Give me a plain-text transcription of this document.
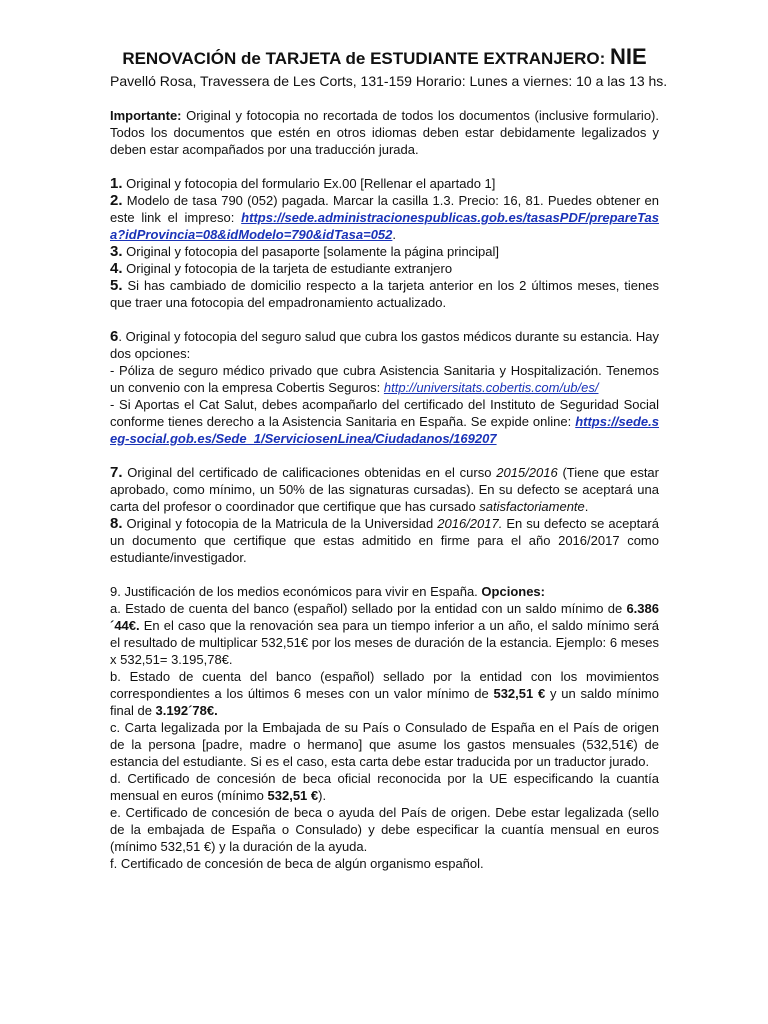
RENOVACIÓN de TARJETA de ESTUDIANTE EXTRANJERO: NIE
Pavelló Rosa, Travessera de Les Corts, 131-159 Horario: Lunes a viernes: 10 a las 13 hs.

Importante: Original y fotocopia no recortada de todos los documentos (inclusive formulario). Todos los documentos que estén en otros idiomas deben estar debidamente legalizados y deben estar acompañados por una traducción jurada.

1. Original y fotocopia del formulario Ex.00 [Rellenar el apartado 1]

2. Modelo de tasa 790 (052) pagada. Marcar la casilla 1.3. Precio: 16, 81. Puedes obtener en este link el impreso: https://sede.administracionespublicas.gob.es/tasasPDF/prepareTasa?idProvincia=08&idModelo=790&idTasa=052.

3. Original y fotocopia del pasaporte [solamente la página principal]

4. Original y fotocopia de la tarjeta de estudiante extranjero

5. Si has cambiado de domicilio respecto a la tarjeta anterior en los 2 últimos meses, tienes que traer una fotocopia del empadronamiento actualizado.

6. Original y fotocopia del seguro salud que cubra los gastos médicos durante su estancia. Hay dos opciones:

- Póliza de seguro médico privado que cubra Asistencia Sanitaria y Hospitalización. Tenemos un convenio con la empresa Cobertis Seguros: http://universitats.cobertis.com/ub/es/

- Si Aportas el Cat Salut, debes acompañarlo del certificado del Instituto de Seguridad Social conforme tienes derecho a la Asistencia Sanitaria en España. Se expide online: https://sede.seg-social.gob.es/Sede_1/ServiciosenLinea/Ciudadanos/169207

7. Original del certificado de calificaciones obtenidas en el curso 2015/2016 (Tiene que estar aprobado, como mínimo, un 50% de las signaturas cursadas). En su defecto se aceptará una carta del profesor o coordinador que certifique que has cursado satisfactoriamente.

8. Original y fotocopia de la Matricula de la Universidad 2016/2017. En su defecto se aceptará un documento que certifique que estas admitido en firme para el año 2016/2017 como estudiante/investigador.

9. Justificación de los medios económicos para vivir en España. Opciones:

a. Estado de cuenta del banco (español) sellado por la entidad con un saldo mínimo de 6.386´44€. En el caso que la renovación sea para un tiempo inferior a un año, el saldo mínimo será el resultado de multiplicar 532,51€ por los meses de duración de la estancia. Ejemplo: 6 meses x 532,51= 3.195,78€.

b. Estado de cuenta del banco (español) sellado por la entidad con los movimientos correspondientes a los últimos 6 meses con un valor mínimo de 532,51 € y un saldo mínimo final de 3.192´78€.

c. Carta legalizada por la Embajada de su País o Consulado de España en el País de origen de la persona [padre, madre o hermano] que asume los gastos mensuales (532,51€) de estancia del estudiante. Si es el caso, esta carta debe estar traducida por un traductor jurado.

d. Certificado de concesión de beca oficial reconocida por la UE especificando la cuantía mensual en euros (mínimo 532,51 €).

e. Certificado de concesión de beca o ayuda del País de origen. Debe estar legalizada (sello de la embajada de España o Consulado) y debe especificar la cuantía mensual en euros (mínimo 532,51 €) y la duración de la ayuda.

f. Certificado de concesión de beca de algún organismo español.
